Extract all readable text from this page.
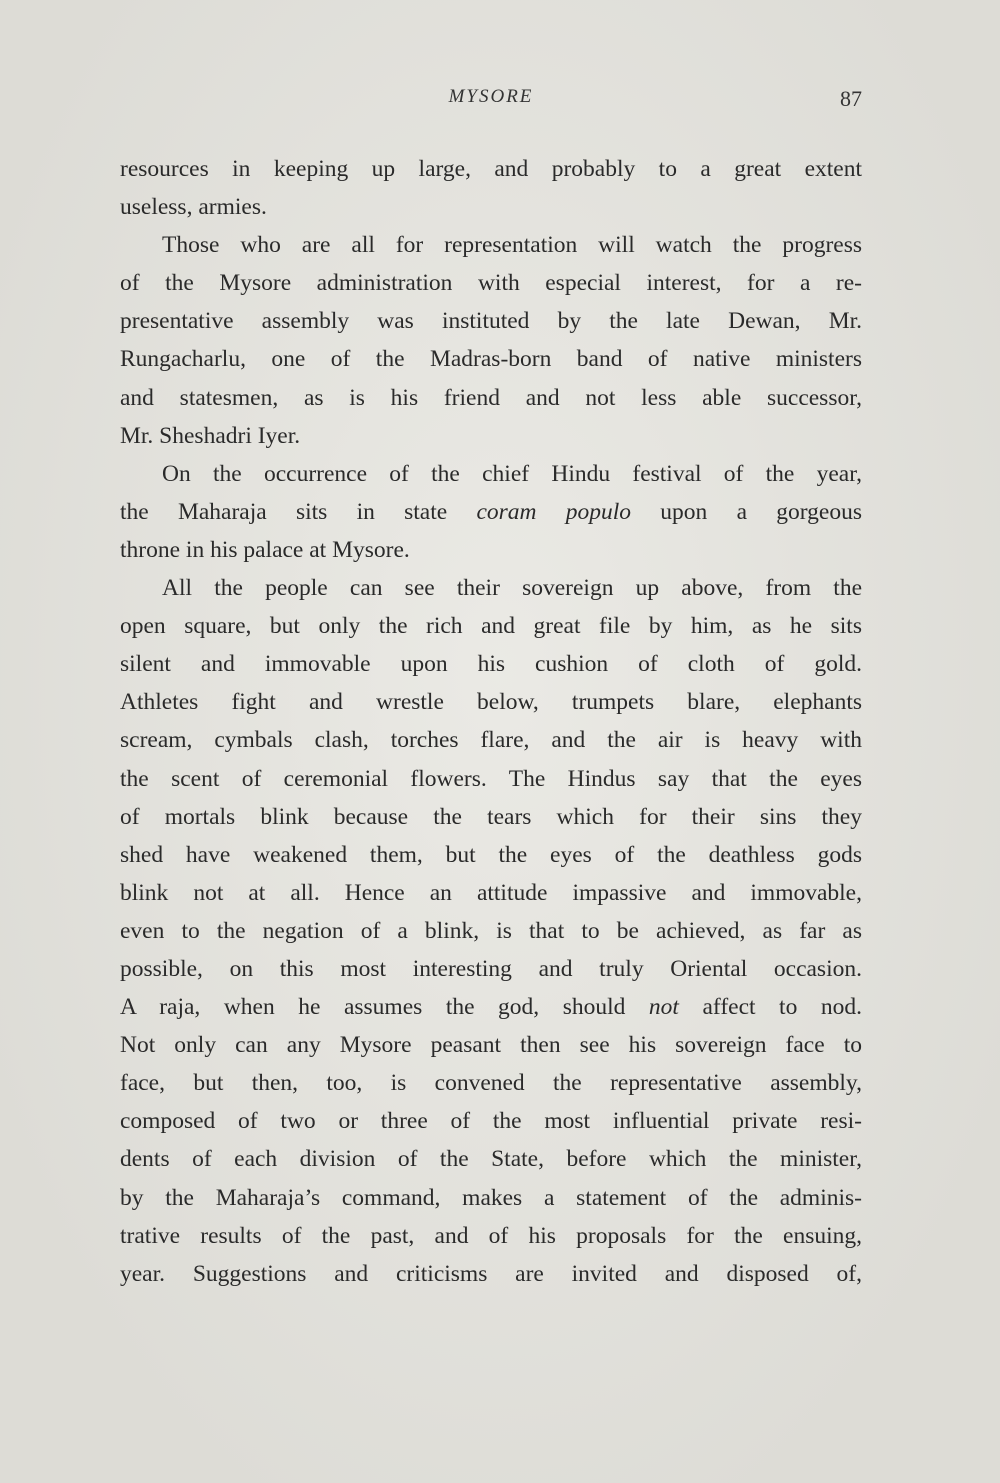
MYSORE	87
resources in keeping up large, and probably to a great extent
useless, armies.
Those who are all for representation will watch the progress
of the Mysore administration with especial interest, for a re-
presentative assembly was instituted by the late Dewan, Mr.
Rungacharlu, one of the Madras-born band of native ministers
and statesmen, as is his friend and not less able successor,
Mr. Sheshadri Iyer.
On the occurrence of the chief Hindu festival of the year,
the Maharaja sits in state coram populo upon a gorgeous
throne in his palace at Mysore.
All the people can see their sovereign up above, from the
open square, but only the rich and great file by him, as he sits
silent and immovable upon his cushion of cloth of gold.
Athletes fight and wrestle below, trumpets blare, elephants
scream, cymbals clash, torches flare, and the air is heavy with
the scent of ceremonial flowers. The Hindus say that the eyes
of mortals blink because the tears which for their sins they
shed have weakened them, but the eyes of the deathless gods
blink not at all. Hence an attitude impassive and immovable,
even to the negation of a blink, is that to be achieved, as far as
possible, on this most interesting and truly Oriental occasion.
A raja, when he assumes the god, should not affect to nod.
Not only can any Mysore peasant then see his sovereign face to
face, but then, too, is convened the representative assembly,
composed of two or three of the most influential private resi-
dents of each division of the State, before which the minister,
by the Maharaja’s command, makes a statement of the adminis-
trative results of the past, and of his proposals for the ensuing,
year. Suggestions and criticisms are invited and disposed of,
